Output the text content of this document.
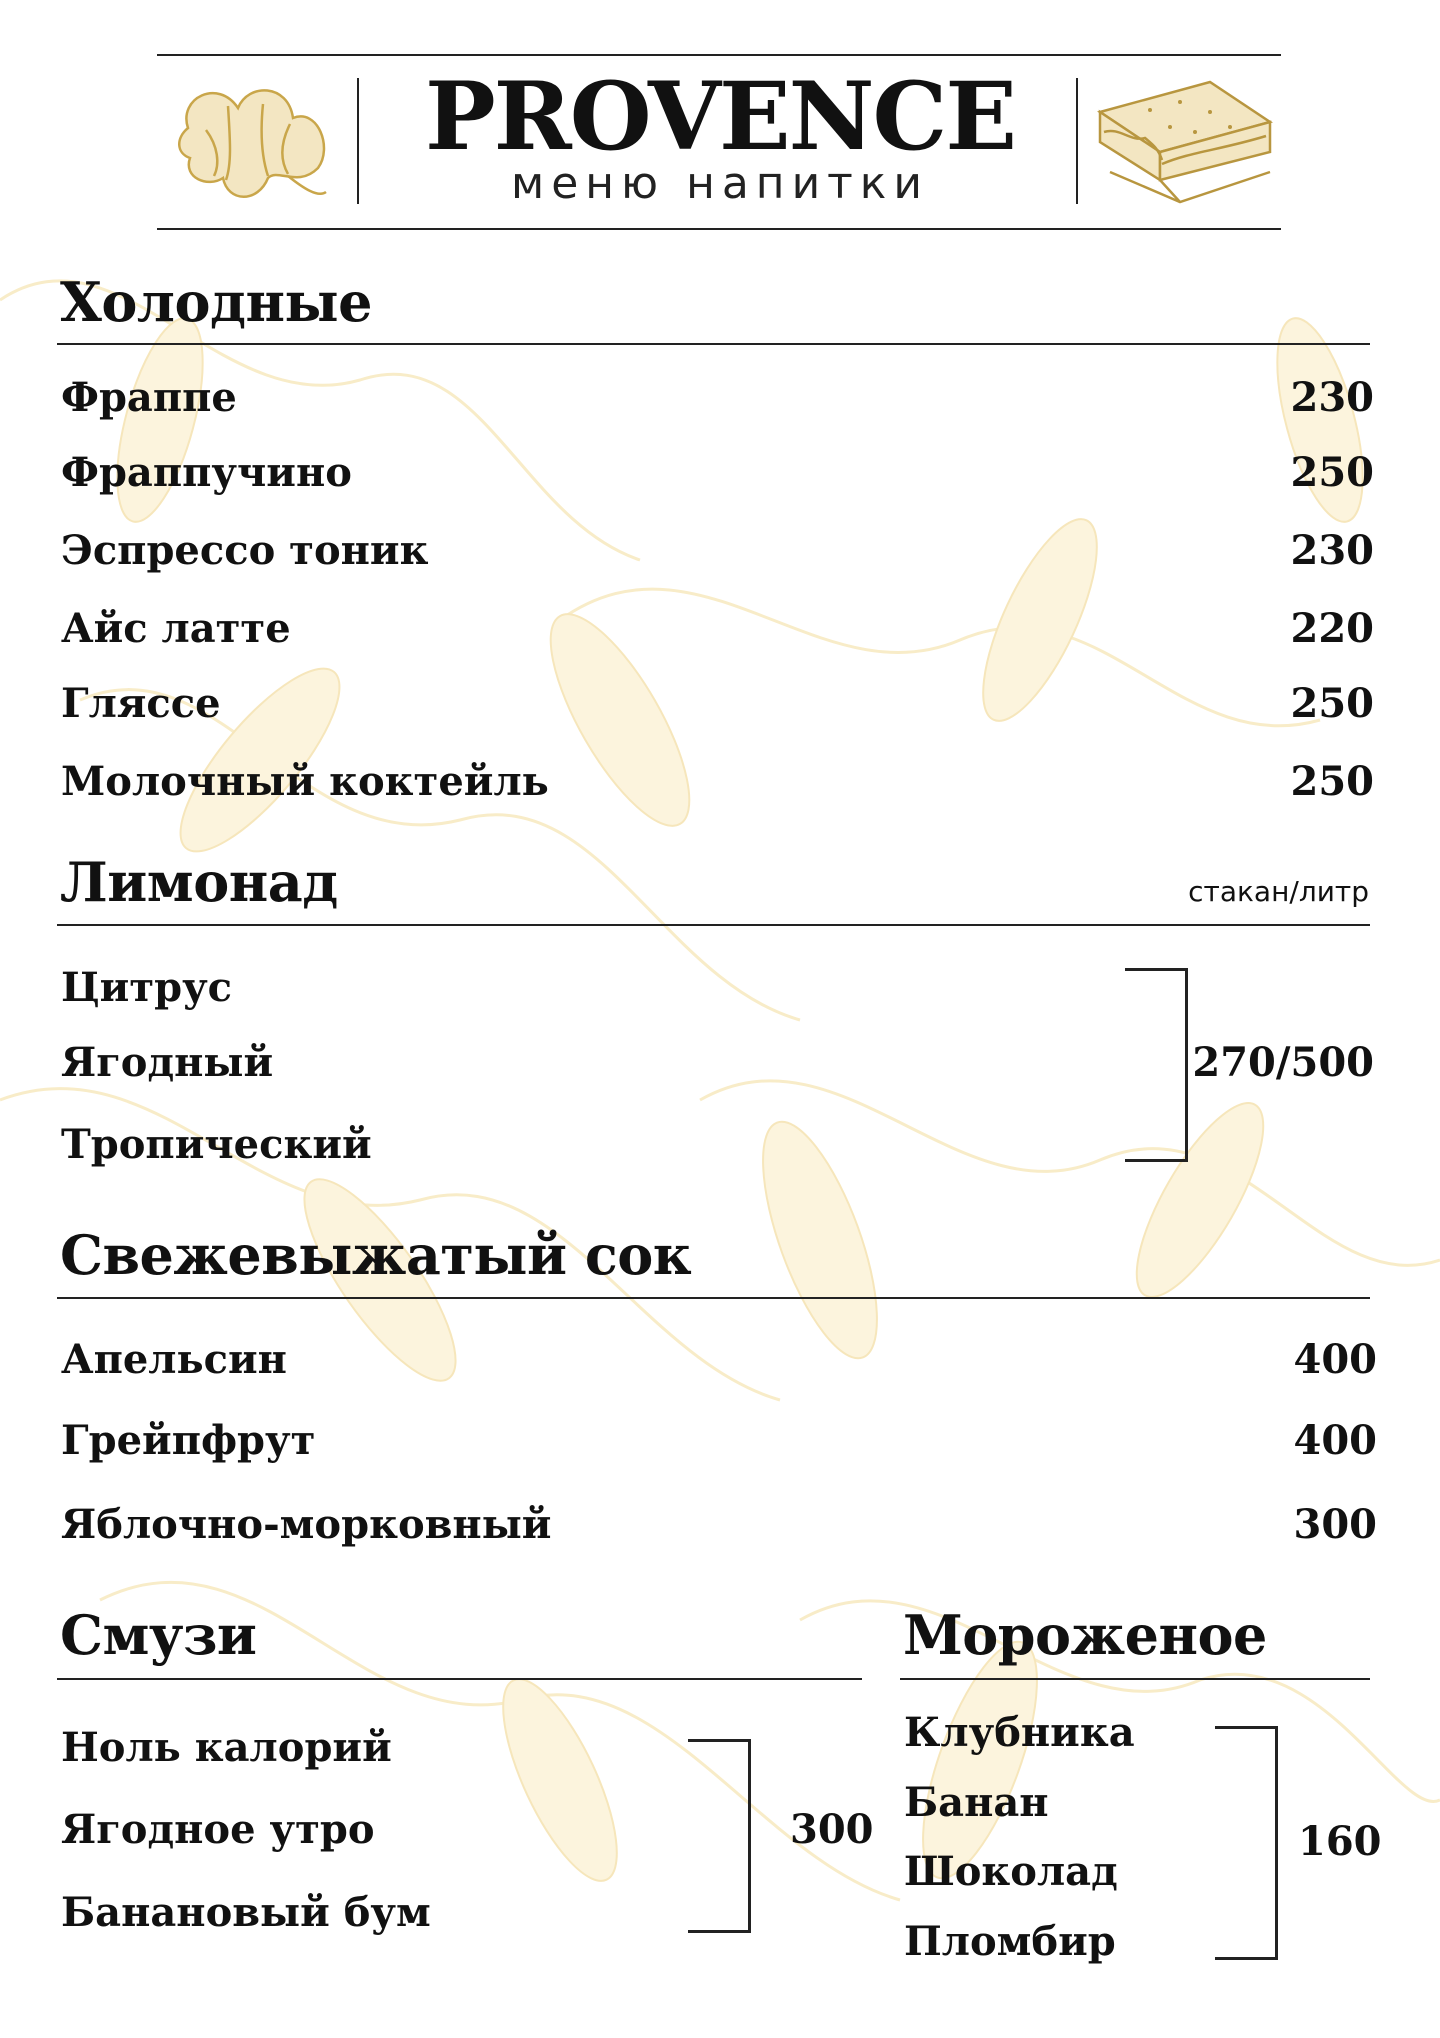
PROVENCE
меню напитки
Холодные
Фраппе	230
Фраппучино	250
Эспрессо тоник	230
Айс латте	220
Гляссе	250
Молочный коктейль	250
Лимонад	стакан/литр
Цитрус
Ягодный
Тропический
270/500
Свежевыжатый сок
Апельсин	400
Грейпфрут	400
Яблочно-морковный	300
Смузи
Ноль калорий
Ягодное утро
Банановый бум
300
Мороженое
Клубника
Банан
Шоколад
Пломбир
160
